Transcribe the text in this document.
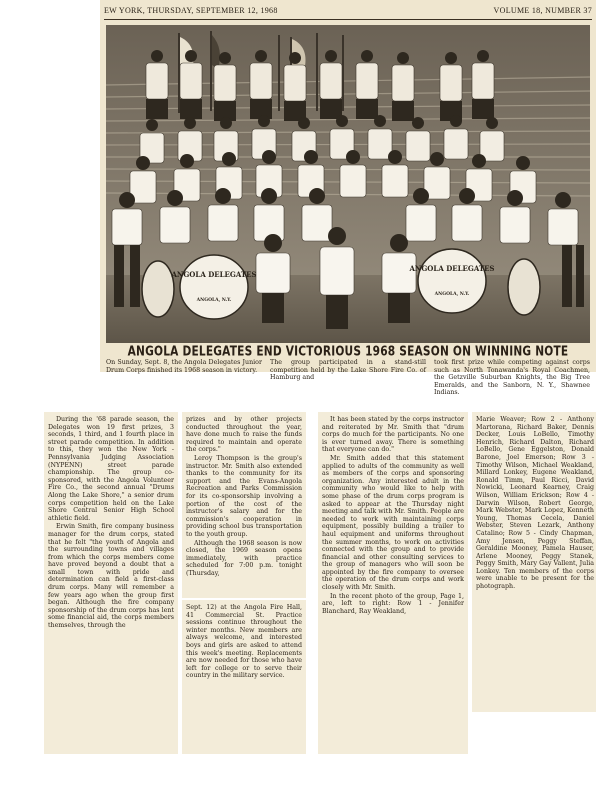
EW YORK, THURSDAY, SEPTEMBER 12, 1968	VOLUME 18, NUMBER 37
ANGOLA DELEGATES
ANGOLA, N.Y.
ANGOLA DELEGATES
ANGOLA, N.Y.
ANGOLA DELEGATES END VICTORIOUS 1968 SEASON ON WINNING NOTE
On Sunday, Sept. 8, the Angola Delegates Junior Drum Corps finished its 1968 season in victory.
The group participated in a stand-still competition held by the Lake Shore Fire Co. of Hamburg and
took first prize while competing against corps such as North Tonawanda's Royal Coachmen, the Getzville Suburban Knights, the Big Tree Emeralds, and the Sanborn, N. Y., Shawnee Indians.

During the '68 parade season, the Delegates won 19 first prizes, 3 seconds, 1 third, and 1 fourth place in street parade competition. In addition to this, they won the New York - Pennsylvania Judging Association (NYPENN) street parade championship. The group co-sponsored, with the Angola Volunteer Fire Co., the second annual "Drums Along the Lake Shore," a senior drum corps competition held on the Lake Shore Central Senior High School athletic field.

Erwin Smith, fire company business manager for the drum corps, stated that he felt "the youth of Angola and the surrounding towns and villages from which the corps members come have proved beyond a doubt that a small town with pride and determination can field a first-class drum corps. Many will remember a few years ago when the group first began. Although the fire company sponsorship of the drum corps has lent some financial aid, the corps members themselves, through the

prizes and by other projects conducted throughout the year, have done much to raise the funds required to maintain and operate the corps."

Leroy Thompson is the group's instructor. Mr. Smith also extended thanks to the community for its support and the Evans-Angola Recreation and Parks Commission for its co-sponsorship involving a portion of the cost of the instructor's salary and for the commission's cooperation in providing school bus transportation to the youth group.

Although the 1968 season is now closed, the 1969 season opens immediately, with practice scheduled for 7:00 p.m. tonight (Thursday,

Sept. 12) at the Angola Fire Hall, 41 Commercial St. Practice sessions continue throughout the winter months. New members are always welcome, and interested boys and girls are asked to attend this week's meeting. Replacements are now needed for those who have left for college or to serve their country in the military service.

It has been stated by the corps instructor and reiterated by Mr. Smith that "drum corps do much for the participants. No one is ever turned away. There is something that everyone can do."

Mr. Smith added that this statement applied to adults of the community as well as members of the corps and sponsoring organization. Any interested adult in the community who would like to help with some phase of the drum corps program is asked to appear at the Thursday night meeting and talk with Mr. Smith. People are needed to work with maintaining corps equipment, possibly building a trailer to haul equipment and uniforms throughout the summer months, to work on activities connected with the group and to provide financial and other consulting services to the group of managers who will soon be appointed by the fire company to oversee the operation of the drum corps and work closely with Mr. Smith.

In the recent photo of the group, Page 1, are, left to right: Row 1 - Jennifer Blanchard, Ray Weakland,

Marie Weaver; Row 2 - Anthony Martorana, Richard Baker, Dennis Decker, Louis LoBello, Timothy Henrich, Richard Dalton, Richard LoBello, Gene Eggelston, Donald Barone, Joel Emerson; Row 3 - Timothy Wilson, Michael Weakland, Millard Lonkey, Eugene Weakland, Ronald Timm, Paul Ricci, David Nowicki, Leonard Kearney, Craig Wilson, William Erickson; Row 4 - Darwin Wilson, Robert George, Mark Webster, Mark Lopez, Kenneth Young, Thomas Cecela, Daniel Webster, Steven Lezark, Anthony Catalino; Row 5 - Cindy Chapman, Amy Jensen, Peggy Steffan, Geraldine Mooney, Pamela Hauser, Arlene Mooney, Peggy Stanek, Peggy Smith, Mary Gay Vallent, Julia Lonkey. Ten members of the corps were unable to be present for the photograph.
